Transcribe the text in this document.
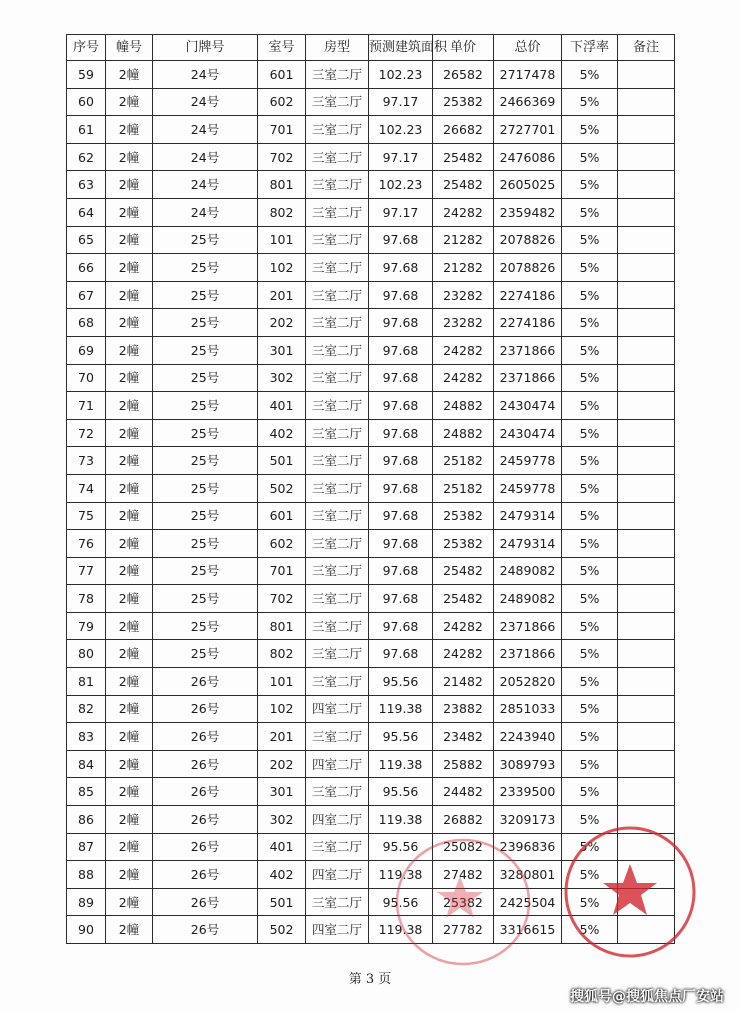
序号	幢号	门牌号	室号	房型	预测建筑面积	单价	总价	下浮率	备注
59	2幢	24号	601	三室二厅	102.23	26582	2717478	5%	
60	2幢	24号	602	三室二厅	97.17	25382	2466369	5%	
61	2幢	24号	701	三室二厅	102.23	26682	2727701	5%	
62	2幢	24号	702	三室二厅	97.17	25482	2476086	5%	
63	2幢	24号	801	三室二厅	102.23	25482	2605025	5%	
64	2幢	24号	802	三室二厅	97.17	24282	2359482	5%	
65	2幢	25号	101	三室二厅	97.68	21282	2078826	5%	
66	2幢	25号	102	三室二厅	97.68	21282	2078826	5%	
67	2幢	25号	201	三室二厅	97.68	23282	2274186	5%	
68	2幢	25号	202	三室二厅	97.68	23282	2274186	5%	
69	2幢	25号	301	三室二厅	97.68	24282	2371866	5%	
70	2幢	25号	302	三室二厅	97.68	24282	2371866	5%	
71	2幢	25号	401	三室二厅	97.68	24882	2430474	5%	
72	2幢	25号	402	三室二厅	97.68	24882	2430474	5%	
73	2幢	25号	501	三室二厅	97.68	25182	2459778	5%	
74	2幢	25号	502	三室二厅	97.68	25182	2459778	5%	
75	2幢	25号	601	三室二厅	97.68	25382	2479314	5%	
76	2幢	25号	602	三室二厅	97.68	25382	2479314	5%	
77	2幢	25号	701	三室二厅	97.68	25482	2489082	5%	
78	2幢	25号	702	三室二厅	97.68	25482	2489082	5%	
79	2幢	25号	801	三室二厅	97.68	24282	2371866	5%	
80	2幢	25号	802	三室二厅	97.68	24282	2371866	5%	
81	2幢	26号	101	三室二厅	95.56	21482	2052820	5%	
82	2幢	26号	102	四室二厅	119.38	23882	2851033	5%	
83	2幢	26号	201	三室二厅	95.56	23482	2243940	5%	
84	2幢	26号	202	四室二厅	119.38	25882	3089793	5%	
85	2幢	26号	301	三室二厅	95.56	24482	2339500	5%	
86	2幢	26号	302	四室二厅	119.38	26882	3209173	5%	
87	2幢	26号	401	三室二厅	95.56	25082	2396836	5%	
88	2幢	26号	402	四室二厅	119.38	27482	3280801	5%	
89	2幢	26号	501	三室二厅	95.56	25382	2425504	5%	
90	2幢	26号	502	四室二厅	119.38	27782	3316615	5%	
第 3 页
搜狐号@搜狐焦点厂安站
